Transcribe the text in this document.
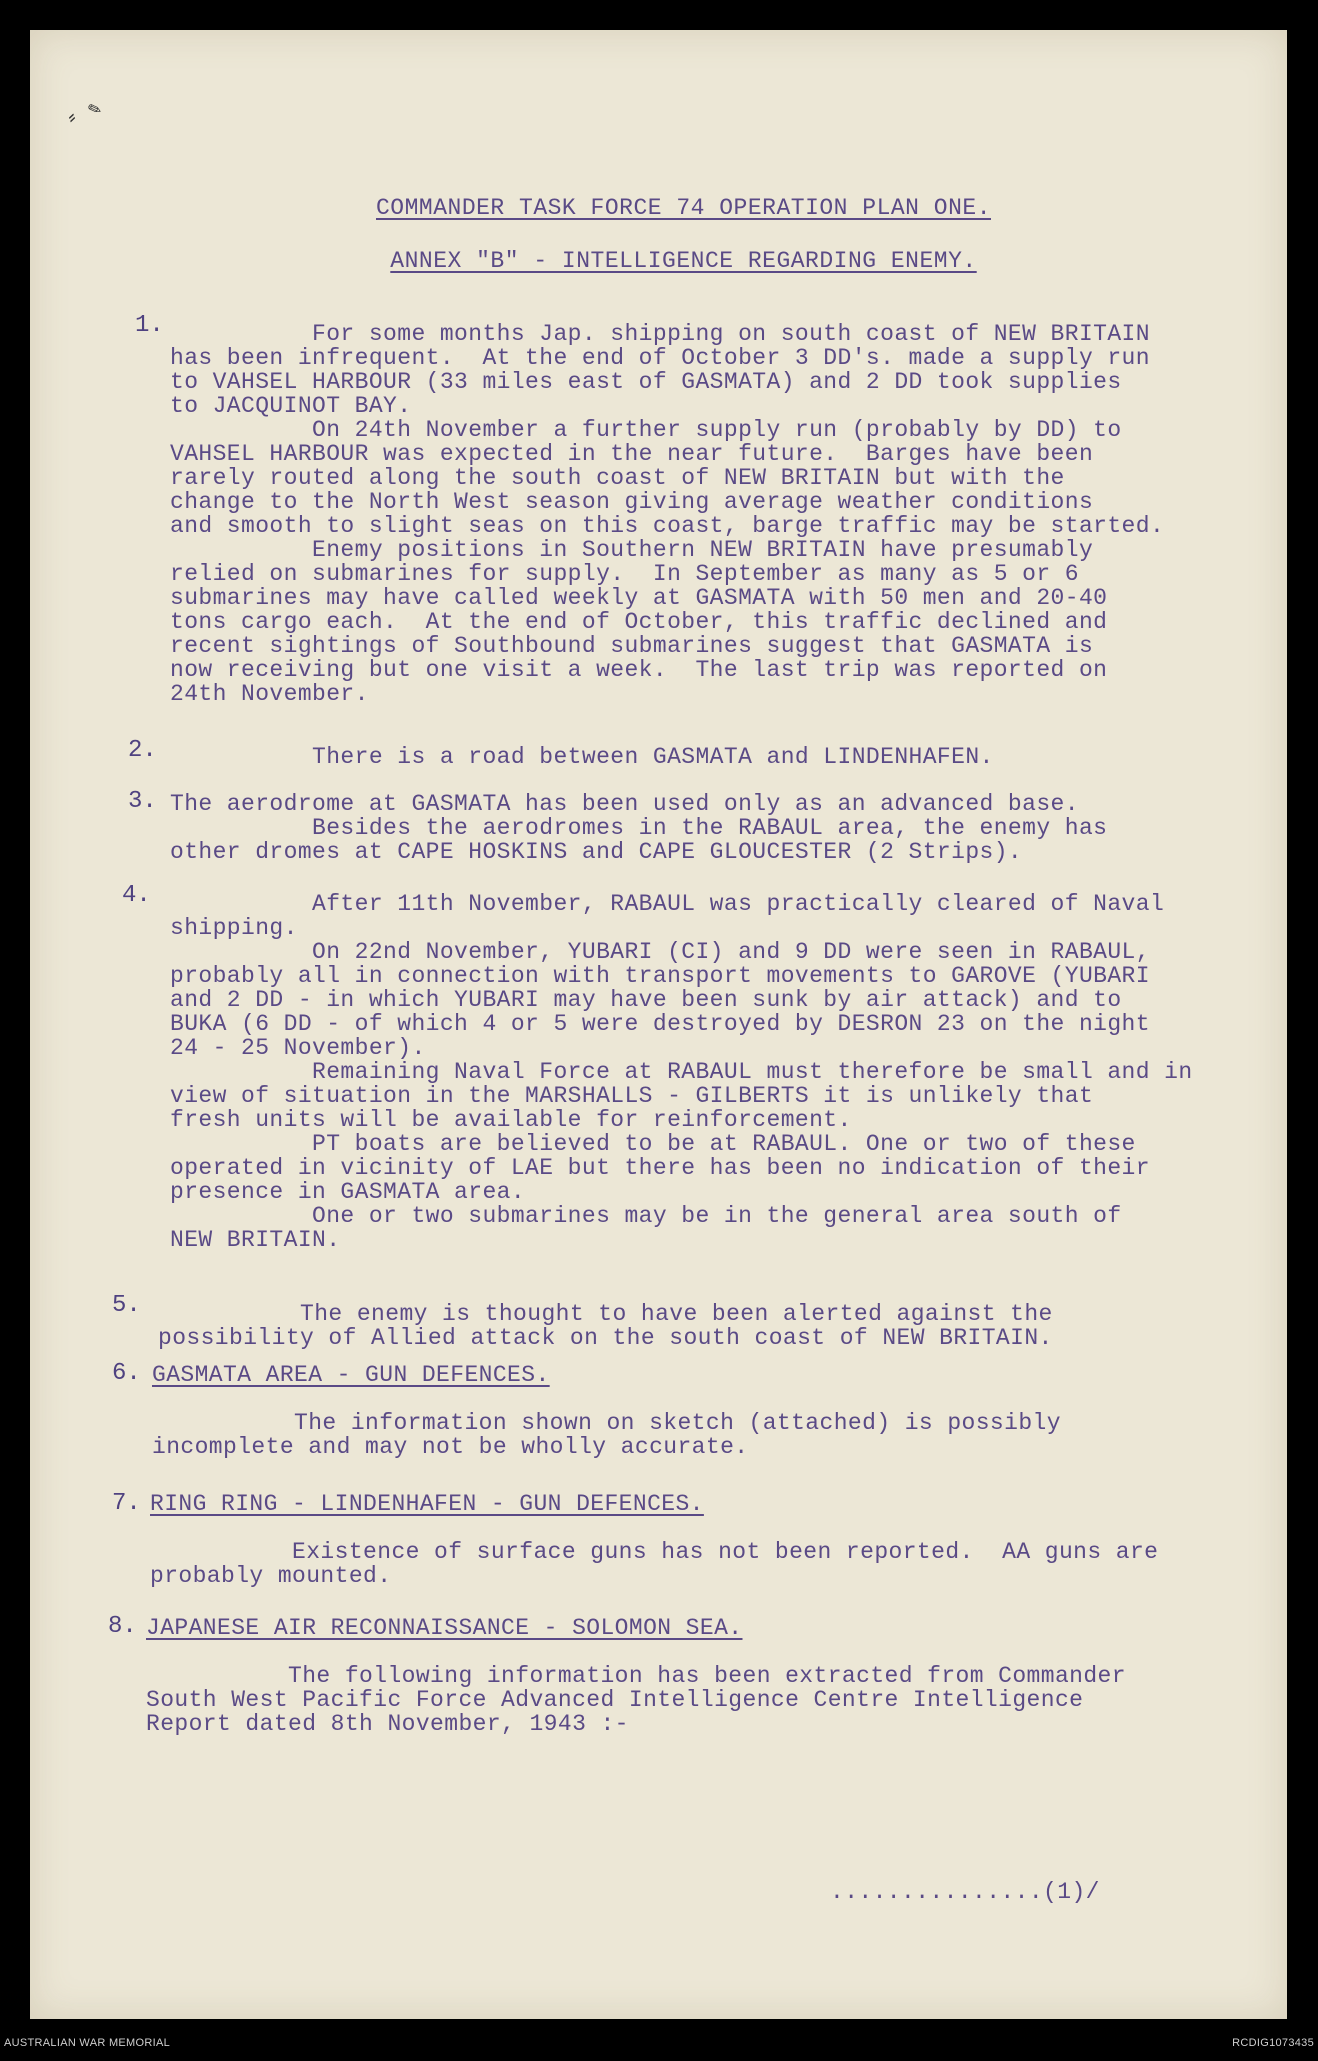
⸗ ✎
COMMANDER TASK FORCE 74 OPERATION PLAN ONE.
ANNEX "B" - INTELLIGENCE REGARDING ENEMY.
1. For some months Jap. shipping on south coast of NEW BRITAIN
has been infrequent.  At the end of October 3 DD's. made a supply run
to VAHSEL HARBOUR (33 miles east of GASMATA) and 2 DD took supplies
to JACQUINOT BAY.
On 24th November a further supply run (probably by DD) to
VAHSEL HARBOUR was expected in the near future.  Barges have been
rarely routed along the south coast of NEW BRITAIN but with the
change to the North West season giving average weather conditions
and smooth to slight seas on this coast, barge traffic may be started.
Enemy positions in Southern NEW BRITAIN have presumably
relied on submarines for supply.  In September as many as 5 or 6
submarines may have called weekly at GASMATA with 50 men and 20-40
tons cargo each.  At the end of October, this traffic declined and
recent sightings of Southbound submarines suggest that GASMATA is
now receiving but one visit a week.  The last trip was reported on
24th November.
2. There is a road between GASMATA and LINDENHAFEN.
3. The aerodrome at GASMATA has been used only as an advanced base.
Besides the aerodromes in the RABAUL area, the enemy has
other dromes at CAPE HOSKINS and CAPE GLOUCESTER (2 Strips).
4. After 11th November, RABAUL was practically cleared of Naval
shipping.
On 22nd November, YUBARI (CI) and 9 DD were seen in RABAUL,
probably all in connection with transport movements to GAROVE (YUBARI
and 2 DD - in which YUBARI may have been sunk by air attack) and to
BUKA (6 DD - of which 4 or 5 were destroyed by DESRON 23 on the night
24 - 25 November).
Remaining Naval Force at RABAUL must therefore be small and in
view of situation in the MARSHALLS - GILBERTS it is unlikely that
fresh units will be available for reinforcement.
PT boats are believed to be at RABAUL. One or two of these
operated in vicinity of LAE but there has been no indication of their
presence in GASMATA area.
One or two submarines may be in the general area south of
NEW BRITAIN.
5. The enemy is thought to have been alerted against the
possibility of Allied attack on the south coast of NEW BRITAIN.
6. GASMATA AREA - GUN DEFENCES.
The information shown on sketch (attached) is possibly
incomplete and may not be wholly accurate.
7. RING RING - LINDENHAFEN - GUN DEFENCES.
Existence of surface guns has not been reported.  AA guns are
probably mounted.
8. JAPANESE AIR RECONNAISSANCE - SOLOMON SEA.
The following information has been extracted from Commander
South West Pacific Force Advanced Intelligence Centre Intelligence
Report dated 8th November, 1943 :-
...............(1)/
AUSTRALIAN WAR MEMORIAL	RCDIG1073435
